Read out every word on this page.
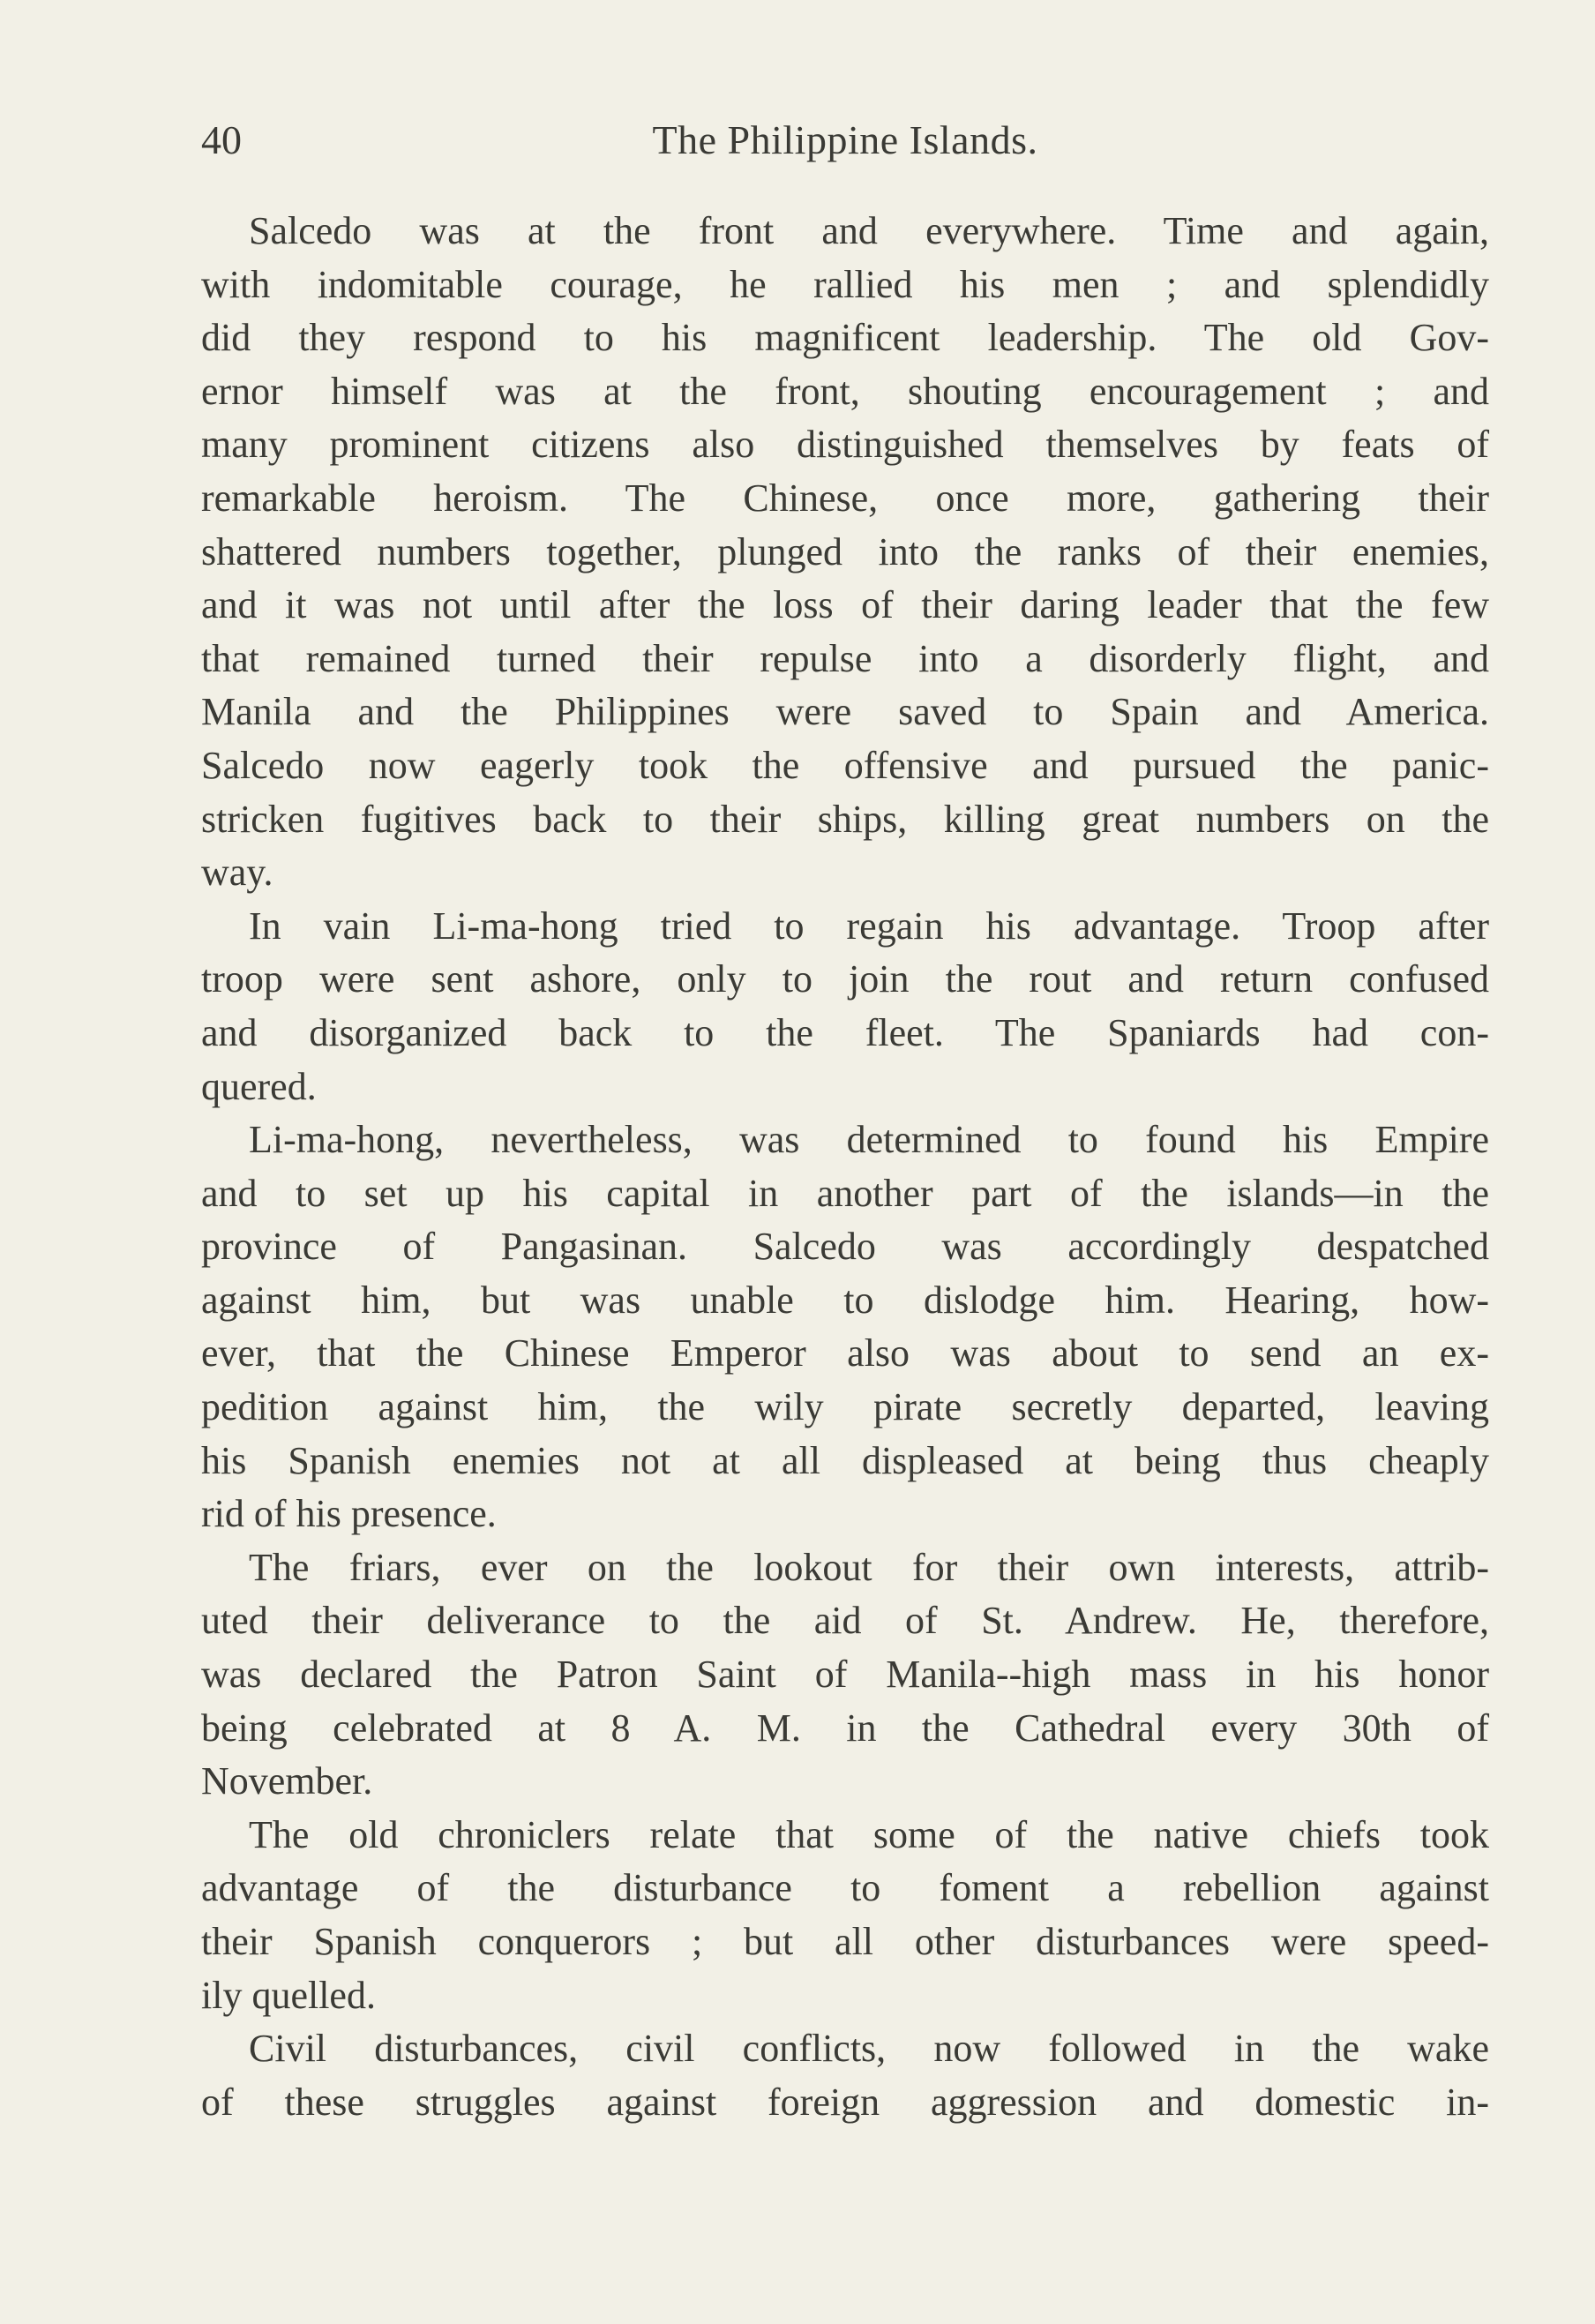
40	The Philippine Islands.
Salcedo was at the front and everywhere. Time and again,
with indomitable courage, he rallied his men ; and splendidly
did they respond to his magnificent leadership. The old Gov-
ernor himself was at the front, shouting encouragement ; and
many prominent citizens also distinguished themselves by feats of
remarkable heroism. The Chinese, once more, gathering their
shattered numbers together, plunged into the ranks of their enemies,
and it was not until after the loss of their daring leader that the few
that remained turned their repulse into a disorderly flight, and
Manila and the Philippines were saved to Spain and America.
Salcedo now eagerly took the offensive and pursued the panic-
stricken fugitives back to their ships, killing great numbers on the
way.
In vain Li-ma-hong tried to regain his advantage. Troop after
troop were sent ashore, only to join the rout and return confused
and disorganized back to the fleet. The Spaniards had con-
quered.
Li-ma-hong, nevertheless, was determined to found his Empire
and to set up his capital in another part of the islands—in the
province of Pangasinan. Salcedo was accordingly despatched
against him, but was unable to dislodge him. Hearing, how-
ever, that the Chinese Emperor also was about to send an ex-
pedition against him, the wily pirate secretly departed, leaving
his Spanish enemies not at all displeased at being thus cheaply
rid of his presence.
The friars, ever on the lookout for their own interests, attrib-
uted their deliverance to the aid of St. Andrew. He, therefore,
was declared the Patron Saint of Manila--high mass in his honor
being celebrated at 8 A. M. in the Cathedral every 30th of
November.
The old chroniclers relate that some of the native chiefs took
advantage of the disturbance to foment a rebellion against
their Spanish conquerors ; but all other disturbances were speed-
ily quelled.
Civil disturbances, civil conflicts, now followed in the wake
of these struggles against foreign aggression and domestic in-
